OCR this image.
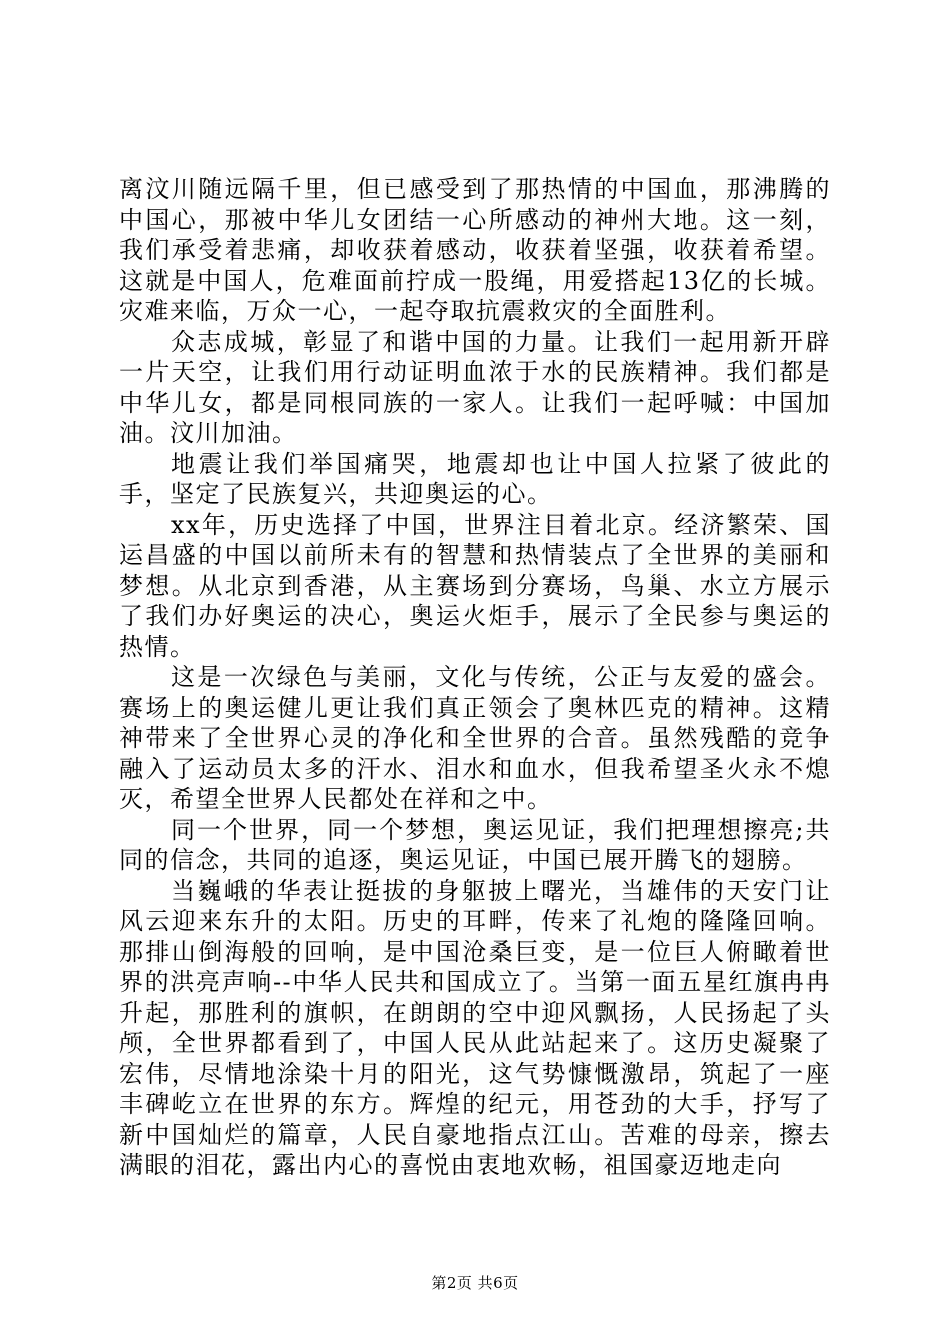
离汶川随远隔千里，但已感受到了那热情的中国血，那沸腾的中国心，那被中华儿女团结一心所感动的神州大地。这一刻，我们承受着悲痛，却收获着感动，收获着坚强，收获着希望。这就是中国人，危难面前拧成一股绳，用爱搭起13亿的长城。灾难来临，万众一心，一起夺取抗震救灾的全面胜利。

众志成城，彰显了和谐中国的力量。让我们一起用新开辟一片天空，让我们用行动证明血浓于水的民族精神。我们都是中华儿女，都是同根同族的一家人。让我们一起呼喊：中国加油。汶川加油。

地震让我们举国痛哭，地震却也让中国人拉紧了彼此的手，坚定了民族复兴，共迎奥运的心。

xx年，历史选择了中国，世界注目着北京。经济繁荣、国运昌盛的中国以前所未有的智慧和热情装点了全世界的美丽和梦想。从北京到香港，从主赛场到分赛场，鸟巢、水立方展示了我们办好奥运的决心，奥运火炬手，展示了全民参与奥运的热情。

这是一次绿色与美丽，文化与传统，公正与友爱的盛会。赛场上的奥运健儿更让我们真正领会了奥林匹克的精神。这精神带来了全世界心灵的净化和全世界的合音。虽然残酷的竞争融入了运动员太多的汗水、泪水和血水，但我希望圣火永不熄灭，希望全世界人民都处在祥和之中。

同一个世界，同一个梦想，奥运见证，我们把理想擦亮;共同的信念，共同的追逐，奥运见证，中国已展开腾飞的翅膀。

当巍峨的华表让挺拔的身躯披上曙光，当雄伟的天安门让风云迎来东升的太阳。历史的耳畔，传来了礼炮的隆隆回响。那排山倒海般的回响，是中国沧桑巨变，是一位巨人俯瞰着世界的洪亮声响--中华人民共和国成立了。当第一面五星红旗冉冉升起，那胜利的旗帜，在朗朗的空中迎风飘扬，人民扬起了头颅，全世界都看到了，中国人民从此站起来了。这历史凝聚了宏伟，尽情地涂染十月的阳光，这气势慷慨激昂，筑起了一座丰碑屹立在世界的东方。辉煌的纪元，用苍劲的大手，抒写了新中国灿烂的篇章，人民自豪地指点江山。苦难的母亲，擦去满眼的泪花，露出内心的喜悦由衷地欢畅，祖国豪迈地走向

第2页 共6页
